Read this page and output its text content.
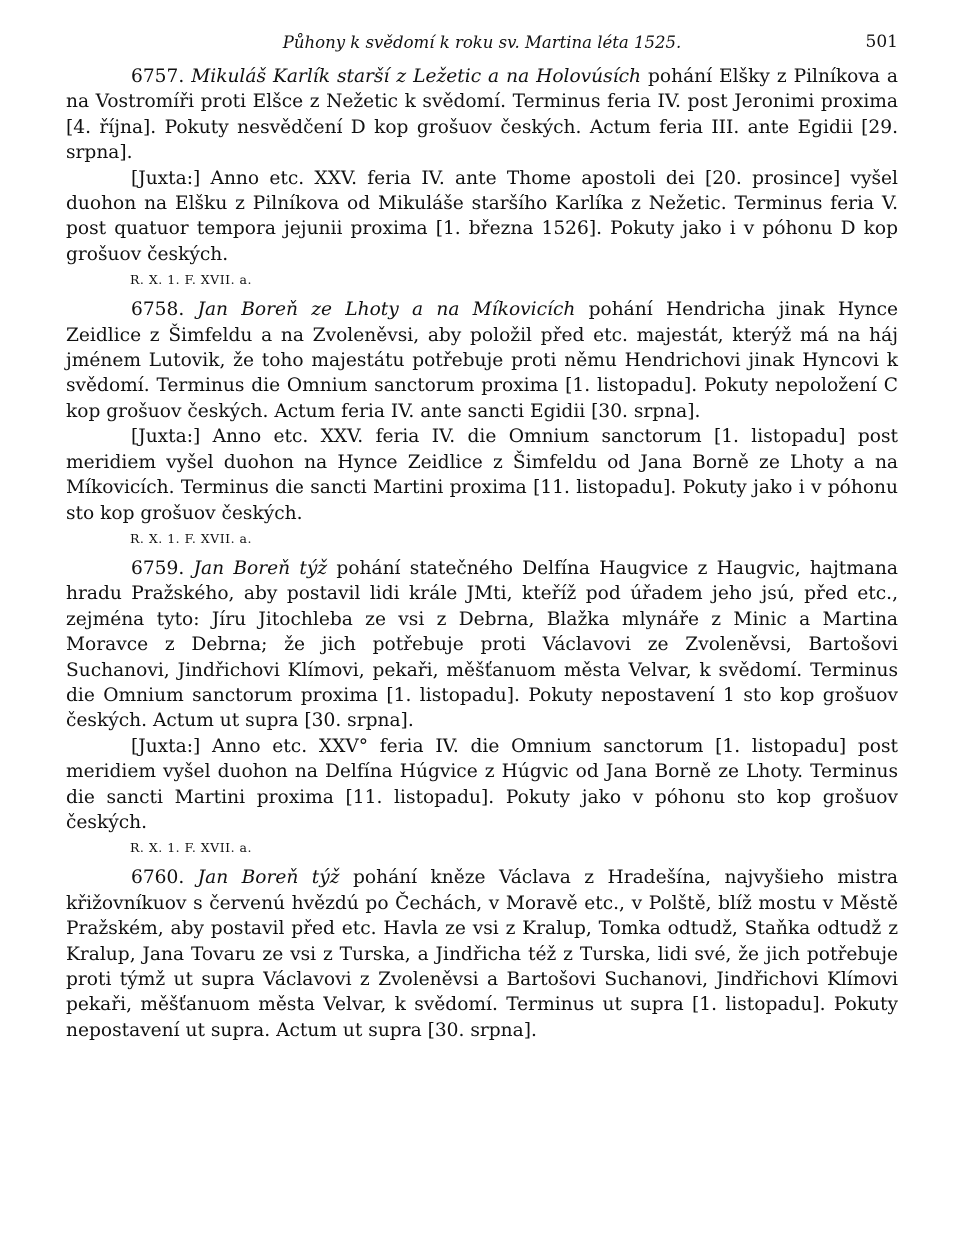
Půhony k svědomí k roku sv. Martina léta 1525.	501

6757. Mikuláš Karlík starší z Ležetic a na Holovúsích pohání Elšky z Pilníkova a na Vostromíři proti Elšce z Nežetic k svědomí. Terminus feria IV. post Jeronimi proxima [4. října]. Pokuty nesvědčení D kop grošuov českých. Actum feria III. ante Egidii [29. srpna].

[Juxta:] Anno etc. XXV. feria IV. ante Thome apostoli dei [20. prosince] vyšel duohon na Elšku z Pilníkova od Mikuláše staršího Karlíka z Nežetic. Terminus feria V. post quatuor tempora jejunii proxima [1. března 1526]. Pokuty jako i v póhonu D kop grošuov českých.

R. X. 1. F. XVII. a.

6758. Jan Boreň ze Lhoty a na Míkovicích pohání Hendricha jinak Hynce Zeidlice z Šimfeldu a na Zvoleněvsi, aby položil před etc. majestát, kterýž má na háj jménem Lutovik, že toho majestátu potřebuje proti němu Hendrichovi jinak Hyncovi k svědomí. Terminus die Omnium sanctorum proxima [1. listopadu]. Pokuty nepoložení C kop grošuov českých. Actum feria IV. ante sancti Egidii [30. srpna].

[Juxta:] Anno etc. XXV. feria IV. die Omnium sanctorum [1. listopadu] post meridiem vyšel duohon na Hynce Zeidlice z Šimfeldu od Jana Borně ze Lhoty a na Míkovicích. Terminus die sancti Martini proxima [11. listopadu]. Pokuty jako i v póhonu sto kop grošuov českých.

R. X. 1. F. XVII. a.

6759. Jan Boreň týž pohání statečného Delfína Haugvice z Haugvic, hajtmana hradu Pražského, aby postavil lidi krále JMti, kteříž pod úřadem jeho jsú, před etc., zejména tyto: Jíru Jitochleba ze vsi z Debrna, Blažka mlynáře z Minic a Martina Moravce z Debrna; že jich potřebuje proti Václavovi ze Zvoleněvsi, Bartošovi Suchanovi, Jindřichovi Klímovi, pekaři, měšťanuom města Velvar, k svědomí. Terminus die Omnium sanctorum proxima [1. listopadu]. Pokuty nepostavení 1 sto kop grošuov českých. Actum ut supra [30. srpna].

[Juxta:] Anno etc. XXV° feria IV. die Omnium sanctorum [1. listopadu] post meridiem vyšel duohon na Delfína Húgvice z Húgvic od Jana Borně ze Lhoty. Terminus die sancti Martini proxima [11. listopadu]. Pokuty jako v póhonu sto kop grošuov českých.

R. X. 1. F. XVII. a.

6760. Jan Boreň týž pohání kněze Václava z Hradešína, najvyšieho mistra křižovníkuov s červenú hvězdú po Čechách, v Moravě etc., v Polště, blíž mostu v Městě Pražském, aby postavil před etc. Havla ze vsi z Kralup, Tomka odtudž, Staňka odtudž z Kralup, Jana Tovaru ze vsi z Turska, a Jindřicha též z Turska, lidi své, že jich potřebuje proti týmž ut supra Václavovi z Zvoleněvsi a Bartošovi Suchanovi, Jindřichovi Klímovi pekaři, měšťanuom města Velvar, k svědomí. Terminus ut supra [1. listopadu]. Pokuty nepostavení ut supra. Actum ut supra [30. srpna].
